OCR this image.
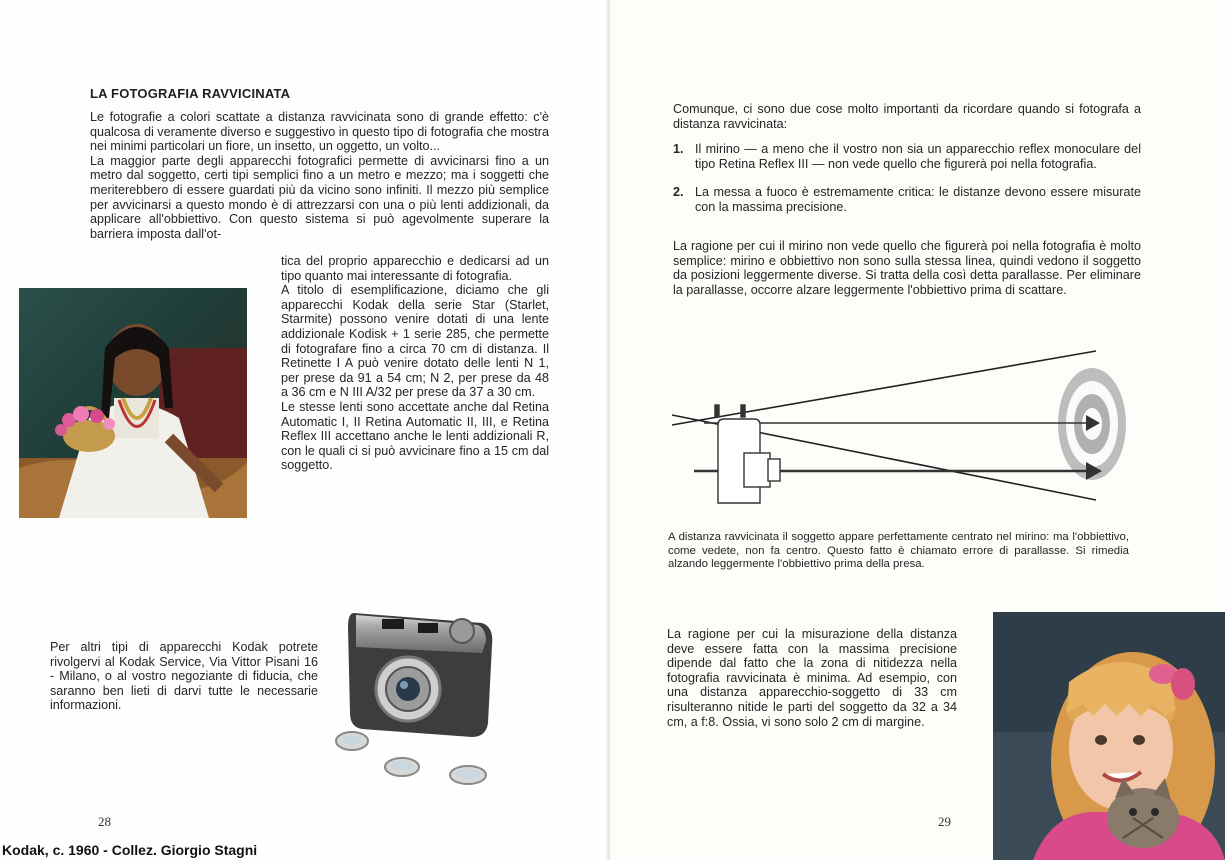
LA FOTOGRAFIA RAVVICINATA
Le fotografie a colori scattate a distanza ravvicinata sono di grande effetto: c'è qualcosa di veramente diverso e suggestivo in questo tipo di fotografia che mostra nei minimi particolari un fiore, un insetto, un oggetto, un volto...
La maggior parte degli apparecchi fotografici permette di avvicinarsi fino a un metro dal soggetto, certi tipi semplici fino a un metro e mezzo; ma i soggetti che meriterebbero di essere guardati più da vicino sono infiniti. Il mezzo più semplice per avvicinarsi a questo mondo è di attrezzarsi con una o più lenti addizionali, da applicare all'obbiettivo. Con questo sistema si può agevolmente superare la barriera imposta dall'ot-
tica del proprio apparecchio e dedicarsi ad un tipo quanto mai interessante di fotografia.
A titolo di esemplificazione, diciamo che gli apparecchi Kodak della serie Star (Starlet, Starmite) possono venire dotati di una lente addizionale Kodisk + 1 serie 285, che permette di fotografare fino a circa 70 cm di distanza. Il Retinette I A può venire dotato delle lenti N 1, per prese da 91 a 54 cm; N 2, per prese da 48 a 36 cm e N III A/32 per prese da 37 a 30 cm.
Le stesse lenti sono accettate anche dal Retina Automatic I, II Retina Automatic II, III, e Retina Reflex III accettano anche le lenti addizionali R, con le quali ci si può avvicinare fino a 15 cm dal soggetto.
Per altri tipi di apparecchi Kodak potrete rivolgervi al Kodak Service, Via Vittor Pisani 16 - Milano, o al vostro negoziante di fiducia, che saranno ben lieti di darvi tutte le necessarie informazioni.
28
Kodak, c. 1960 - Collez. Giorgio Stagni
Comunque, ci sono due cose molto importanti da ricordare quando si fotografa a distanza ravvicinata:
1. Il mirino — a meno che il vostro non sia un apparecchio reflex monoculare del tipo Retina Reflex III — non vede quello che figurerà poi nella fotografia.
2. La messa a fuoco è estremamente critica: le distanze devono essere misurate con la massima precisione.
La ragione per cui il mirino non vede quello che figurerà poi nella fotografia è molto semplice: mirino e obbiettivo non sono sulla stessa linea, quindi vedono il soggetto da posizioni leggermente diverse. Si tratta della così detta parallasse. Per eliminare la parallasse, occorre alzare leggermente l'obbiettivo prima di scattare.
A distanza ravvicinata il soggetto appare perfettamente centrato nel mirino: ma l'obbiettivo, come vedete, non fa centro. Questo fatto è chiamato errore di parallasse. Si rimedia alzando leggermente l'obbiettivo prima della presa.
La ragione per cui la misurazione della distanza deve essere fatta con la massima precisione dipende dal fatto che la zona di nitidezza nella fotografia ravvicinata è minima. Ad esempio, con una distanza apparecchio-soggetto di 33 cm risulteranno nitide le parti del soggetto da 32 a 34 cm, a f:8. Ossia, vi sono solo 2 cm di margine.
29
